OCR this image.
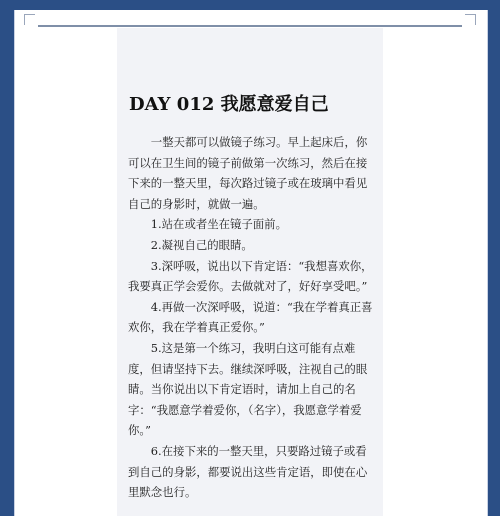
DAY 012 我愿意爱自己

一整天都可以做镜子练习。早上起床后，你可以在卫生间的镜子前做第一次练习，然后在接下来的一整天里，每次路过镜子或在玻璃中看见自己的身影时，就做一遍。

1.站在或者坐在镜子面前。

2.凝视自己的眼睛。

3.深呼吸，说出以下肯定语：“我想喜欢你，我要真正学会爱你。去做就对了，好好享受吧。”

4.再做一次深呼吸，说道：“我在学着真正喜欢你，我在学着真正爱你。”

5.这是第一个练习，我明白这可能有点难度，但请坚持下去。继续深呼吸，注视自己的眼睛。当你说出以下肯定语时，请加上自己的名字：“我愿意学着爱你，（名字），我愿意学着爱你。”

6.在接下来的一整天里，只要路过镜子或看到自己的身影，都要说出这些肯定语，即使在心里默念也行。
